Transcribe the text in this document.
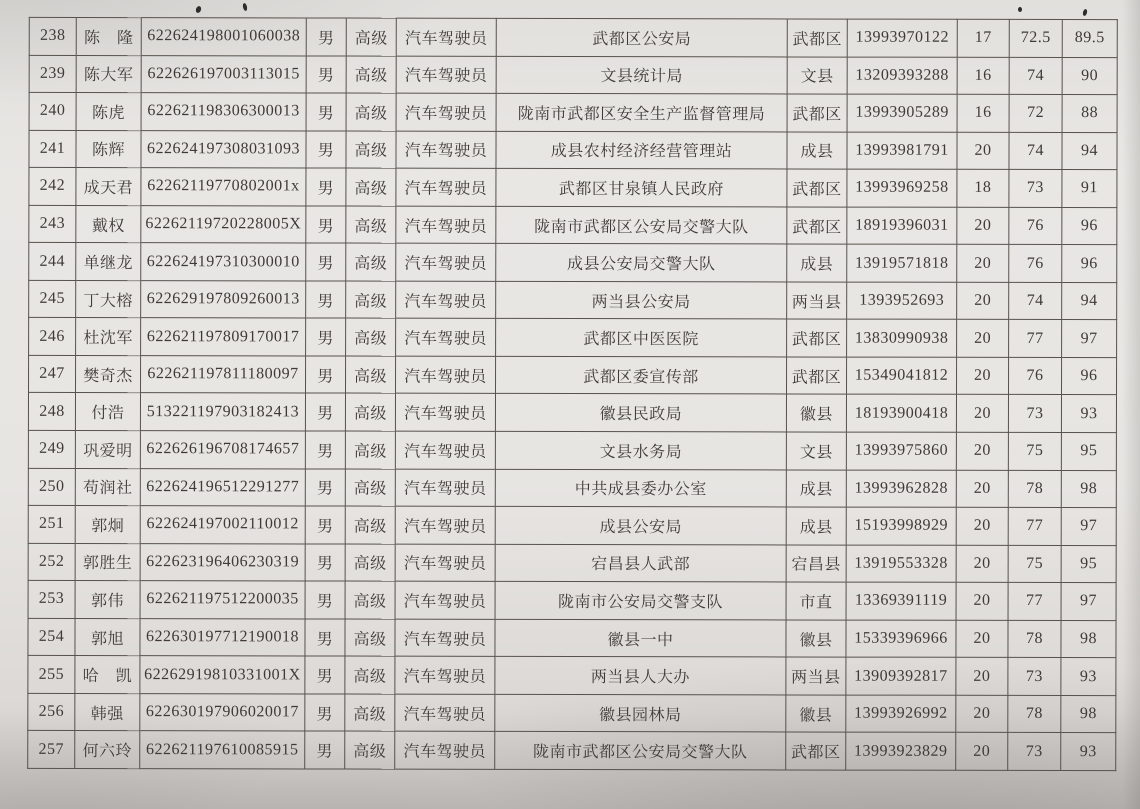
238	陈　隆	622624198001060038	男	高级	汽车驾驶员	武都区公安局	武都区	13993970122	17	72.5	89.5
239	陈大军	622626197003113015	男	高级	汽车驾驶员	文县统计局	文县	13209393288	16	74	90
240	陈虎	622621198306300013	男	高级	汽车驾驶员	陇南市武都区安全生产监督管理局	武都区	13993905289	16	72	88
241	陈辉	622624197308031093	男	高级	汽车驾驶员	成县农村经济经营管理站	成县	13993981791	20	74	94
242	成天君	62262119770802001x	男	高级	汽车驾驶员	武都区甘泉镇人民政府	武都区	13993969258	18	73	91
243	戴权	62262119720228005X	男	高级	汽车驾驶员	陇南市武都区公安局交警大队	武都区	18919396031	20	76	96
244	单继龙	622624197310300010	男	高级	汽车驾驶员	成县公安局交警大队	成县	13919571818	20	76	96
245	丁大榕	622629197809260013	男	高级	汽车驾驶员	两当县公安局	两当县	1393952693	20	74	94
246	杜沈军	622621197809170017	男	高级	汽车驾驶员	武都区中医医院	武都区	13830990938	20	77	97
247	樊奇杰	622621197811180097	男	高级	汽车驾驶员	武都区委宣传部	武都区	15349041812	20	76	96
248	付浩	513221197903182413	男	高级	汽车驾驶员	徽县民政局	徽县	18193900418	20	73	93
249	巩爱明	622626196708174657	男	高级	汽车驾驶员	文县水务局	文县	13993975860	20	75	95
250	苟润社	622624196512291277	男	高级	汽车驾驶员	中共成县委办公室	成县	13993962828	20	78	98
251	郭炯	622624197002110012	男	高级	汽车驾驶员	成县公安局	成县	15193998929	20	77	97
252	郭胜生	622623196406230319	男	高级	汽车驾驶员	宕昌县人武部	宕昌县	13919553328	20	75	95
253	郭伟	622621197512200035	男	高级	汽车驾驶员	陇南市公安局交警支队	市直	13369391119	20	77	97
254	郭旭	622630197712190018	男	高级	汽车驾驶员	徽县一中	徽县	15339396966	20	78	98
255	哈　凯	62262919810331001X	男	高级	汽车驾驶员	两当县人大办	两当县	13909392817	20	73	93
256	韩强	622630197906020017	男	高级	汽车驾驶员	徽县园林局	徽县	13993926992	20	78	98
257	何六玲	622621197610085915	男	高级	汽车驾驶员	陇南市武都区公安局交警大队	武都区	13993923829	20	73	93
